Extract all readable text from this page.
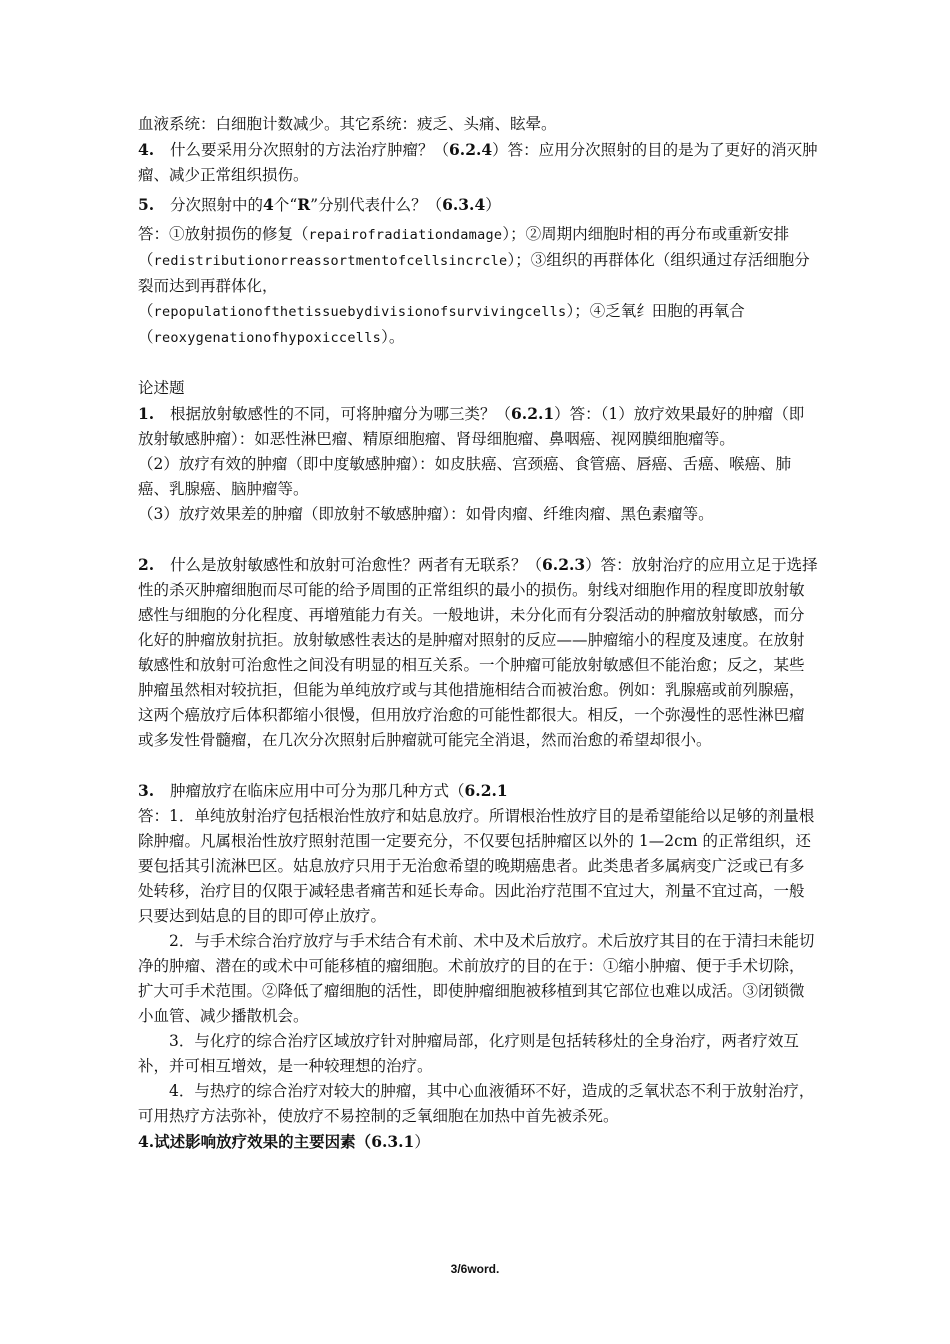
血液系统：白细胞计数减少。其它系统：疲乏、头痛、眩晕。

4. 什么要采用分次照射的方法治疗肿瘤？（6.2.4）答：应用分次照射的目的是为了更好的消灭肿瘤、减少正常组织损伤。

5. 分次照射中的4个“R”分别代表什么？（6.3.4）

答：①放射损伤的修复（repairofradiationdamage）；②周期内细胞时相的再分布或重新安排（redistributionorreassortmentofcellsincrcle）；③组织的再群体化（组织通过存活细胞分裂而达到再群体化，
（repopulationofthetissuebydivisionofsurvivingcells）；④乏氧纟田胞的再氧合
（reoxygenationofhypoxiccells）。

论述题

1. 根据放射敏感性的不同，可将肿瘤分为哪三类？（6.2.1）答：（1）放疗效果最好的肿瘤（即放射敏感肿瘤）：如恶性淋巴瘤、精原细胞瘤、肾母细胞瘤、鼻咽癌、视网膜细胞瘤等。

（2）放疗有效的肿瘤（即中度敏感肿瘤）：如皮肤癌、宫颈癌、食管癌、唇癌、舌癌、喉癌、肺癌、乳腺癌、脑肿瘤等。

（3）放疗效果差的肿瘤（即放射不敏感肿瘤）：如骨肉瘤、纤维肉瘤、黑色素瘤等。

2. 什么是放射敏感性和放射可治愈性？两者有无联系？（6.2.3）答：放射治疗的应用立足于选择性的杀灭肿瘤细胞而尽可能的给予周围的正常组织的最小的损伤。射线对细胞作用的程度即放射敏感性与细胞的分化程度、再增殖能力有关。一般地讲，未分化而有分裂活动的肿瘤放射敏感，而分化好的肿瘤放射抗拒。放射敏感性表达的是肿瘤对照射的反应——肿瘤缩小的程度及速度。在放射敏感性和放射可治愈性之间没有明显的相互关系。一个肿瘤可能放射敏感但不能治愈；反之，某些肿瘤虽然相对较抗拒，但能为单纯放疗或与其他措施相结合而被治愈。例如：乳腺癌或前列腺癌，这两个癌放疗后体积都缩小很慢，但用放疗治愈的可能性都很大。相反，一个弥漫性的恶性淋巴瘤或多发性骨髓瘤，在几次分次照射后肿瘤就可能完全消退，然而治愈的希望却很小。

3. 肿瘤放疗在临床应用中可分为那几种方式（6.2.1

答：1．单纯放射治疗包括根治性放疗和姑息放疗。所谓根治性放疗目的是希望能给以足够的剂量根除肿瘤。凡属根治性放疗照射范围一定要充分，不仅要包括肿瘤区以外的 1—2cm 的正常组织，还要包括其引流淋巴区。姑息放疗只用于无治愈希望的晚期癌患者。此类患者多属病变广泛或已有多处转移，治疗目的仅限于减轻患者痛苦和延长寿命。因此治疗范围不宜过大，剂量不宜过高，一般只要达到姑息的目的即可停止放疗。

2．与手术综合治疗放疗与手术结合有术前、术中及术后放疗。术后放疗其目的在于清扫未能切净的肿瘤、潜在的或术中可能移植的瘤细胞。术前放疗的目的在于：①缩小肿瘤、便于手术切除，扩大可手术范围。②降低了瘤细胞的活性，即使肿瘤细胞被移植到其它部位也难以成活。③闭锁微小血管、减少播散机会。

3．与化疗的综合治疗区域放疗针对肿瘤局部，化疗则是包括转移灶的全身治疗，两者疗效互补，并可相互增效，是一种较理想的治疗。

4．与热疗的综合治疗对较大的肿瘤，其中心血液循环不好，造成的乏氧状态不利于放射治疗，可用热疗方法弥补，使放疗不易控制的乏氧细胞在加热中首先被杀死。

4.试述影响放疗效果的主要因素（6.3.1）

3/6word.
